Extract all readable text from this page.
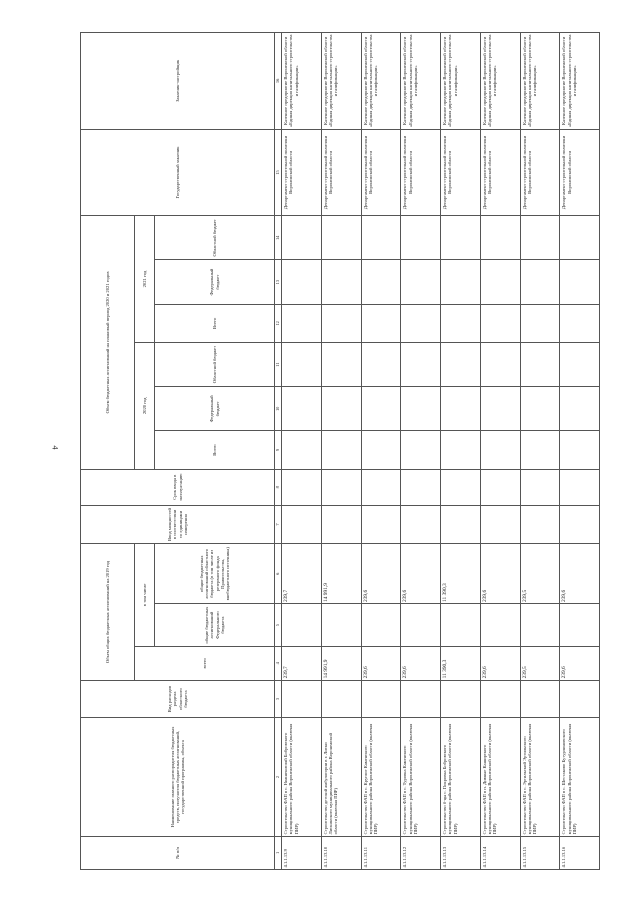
4
№ п/п	Наименование главного распорядителя бюджетных средств, получателя бюджетных ассигнований, государственной программы, объекта	Вид расходов раздела областного бюджета	Объем общих бюджетных ассигнований на 2019 год			Ввод мощностей в соответствии со единицами измерения	Срок ввода в эксплуатацию	Объем бюджетных ассигнований на плановый период 2020 и 2021 годов						Государственный заказчик	Заказчик-застройщик
			всего	в том числе				2020 год			2021 год				
				общие бюджетных ассигнований Федерального бюджета	общие бюджетных ассигнований областного бюджета (в том числе из резервного фонда Правительства, внебюджетного источника)			Всего	Федеральный бюджет	Областной бюджет	Всего	Федеральный бюджет	Областной бюджет		
1	2	3	4	5	6	7	8	9	10	11	12	13	14	15	16
4.1.1.13.9	Строительство ФАП в с. Нижнекисляй Бобровского муниципального района Воронежской области (включая ПИР)		239,7		239,7									Департамент строительной политики Воронежской области	Казенное предприятие Воронежской области «Единая дирекция капитального строительства и газификации»
4.1.1.13.10	Строительство детской амбулатории в г. Лиски Лискинского муниципального района Воронежской области (включая ПИР)		14 991,9		14 991,9									Департамент строительной политики Воронежской области	Казенное предприятие Воронежской области «Единая дирекция капитального строительства и газификации»
4.1.1.13.11	Строительство ФАП в с. Круглое Каменского муниципального района Воронежской области (включая ПИР)		239,6		239,6									Департамент строительной политики Воронежской области	Казенное предприятие Воронежской области «Единая дирекция капитального строительства и газификации»
4.1.1.13.12	Строительство ФАП в с. Туровка Каменского муниципального района Воронежской области (включая ПИР)		239,6		239,6									Департамент строительной политики Воронежской области	Казенное предприятие Воронежской области «Единая дирекция капитального строительства и газификации»
4.1.1.13.13	Строительство б-цы с. Покровка Бобровского муниципального района Воронежской области (включая ПИР)		11 390,3		11 390,3									Департамент строительной политики Воронежской области	Казенное предприятие Воронежской области «Единая дирекция капитального строительства и газификации»
4.1.1.13.14	Строительство ФАП в п. Дивные Каширского муниципального района Воронежской области (включая ПИР)		239,6		239,6									Департамент строительной политики Воронежской области	Казенное предприятие Воронежской области «Единая дирекция капитального строительства и газификации»
4.1.1.13.15	Строительство ФАП в с. Эртильский Эртильского муниципального района Воронежской области (включая ПИР)		239,5		239,5									Департамент строительной политики Воронежской области	Казенное предприятие Воронежской области «Единая дирекция капитального строительства и газификации»
4.1.1.13.16	Строительство ФАП в с. Шестаково Бутурлиновского муниципального района Воронежской области (включая ПИР)		239,6		239,6									Департамент строительной политики Воронежской области	Казенное предприятие Воронежской области «Единая дирекция капитального строительства и газификации»
